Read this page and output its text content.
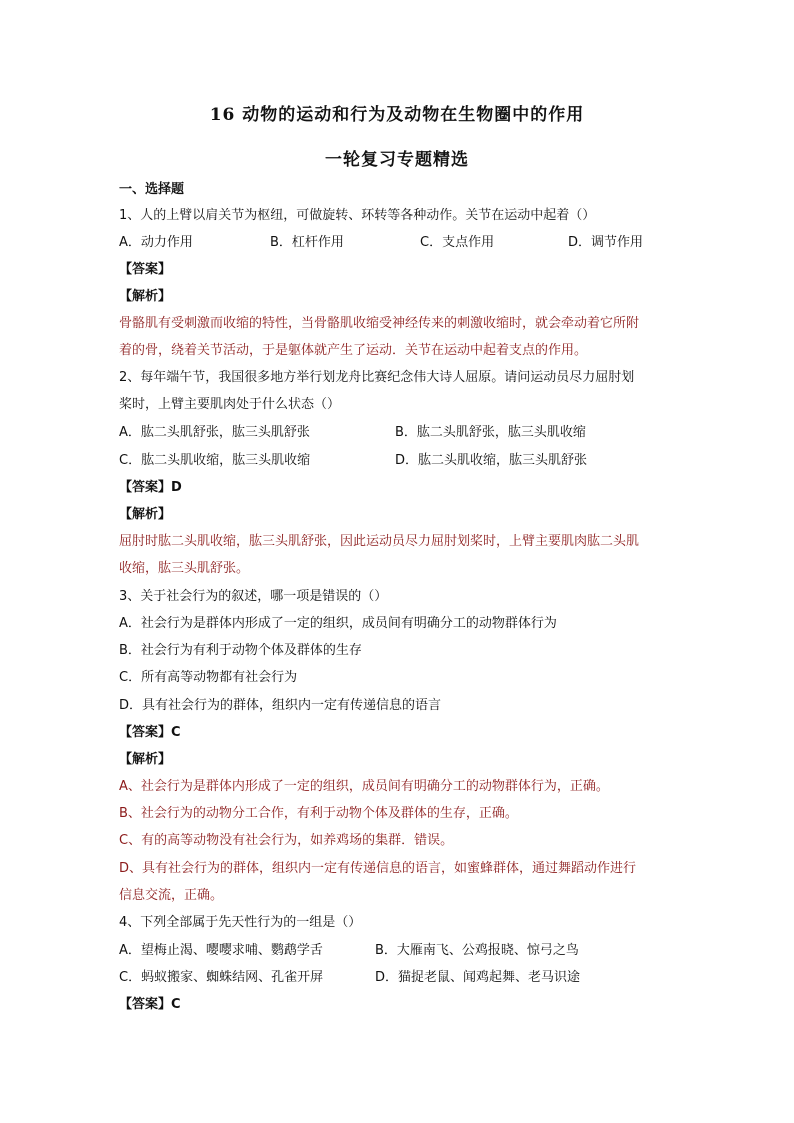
16 动物的运动和行为及动物在生物圈中的作用
一轮复习专题精选
一、选择题
1、人的上臂以肩关节为枢纽，可做旋转、环转等各种动作。关节在运动中起着（）
A．动力作用	B．杠杆作用	C．支点作用	D．调节作用
【答案】
【解析】
骨骼肌有受刺激而收缩的特性，当骨骼肌收缩受神经传来的刺激收缩时，就会牵动着它所附
着的骨，绕着关节活动，于是躯体就产生了运动．关节在运动中起着支点的作用。
2、每年端午节，我国很多地方举行划龙舟比赛纪念伟大诗人屈原。请问运动员尽力屈肘划
桨时，上臂主要肌肉处于什么状态（）
A．肱二头肌舒张，肱三头肌舒张	B．肱二头肌舒张，肱三头肌收缩
C．肱二头肌收缩，肱三头肌收缩	D．肱二头肌收缩，肱三头肌舒张
【答案】D
【解析】
屈肘时肱二头肌收缩，肱三头肌舒张，因此运动员尽力屈肘划桨时，上臂主要肌肉肱二头肌
收缩，肱三头肌舒张。
3、关于社会行为的叙述，哪一项是错误的（）
A．社会行为是群体内形成了一定的组织，成员间有明确分工的动物群体行为
B．社会行为有利于动物个体及群体的生存
C．所有高等动物都有社会行为
D．具有社会行为的群体，组织内一定有传递信息的语言
【答案】C
【解析】
A、社会行为是群体内形成了一定的组织，成员间有明确分工的动物群体行为，正确。
B、社会行为的动物分工合作，有利于动物个体及群体的生存，正确。
C、有的高等动物没有社会行为，如养鸡场的集群．错误。
D、具有社会行为的群体，组织内一定有传递信息的语言，如蜜蜂群体，通过舞蹈动作进行
信息交流，正确。
4、下列全部属于先天性行为的一组是（）
A．望梅止渴、嘤嘤求哺、鹦鹉学舌	B．大雁南飞、公鸡报晓、惊弓之鸟
C．蚂蚁搬家、蜘蛛结网、孔雀开屏	D．猫捉老鼠、闻鸡起舞、老马识途
【答案】C
